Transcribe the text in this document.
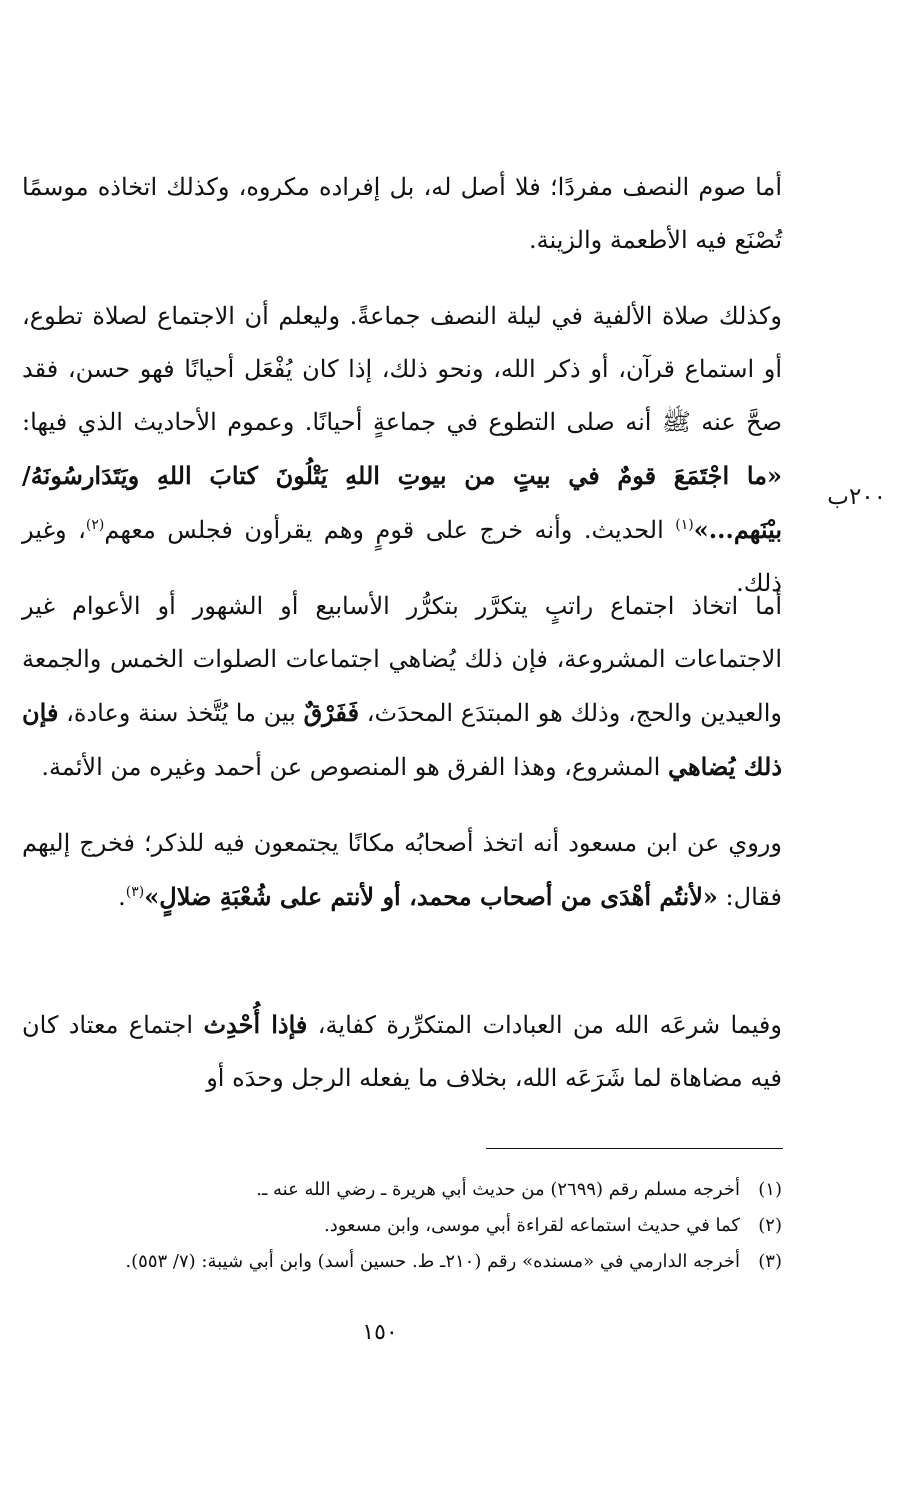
أما صوم النصف مفردًا؛ فلا أصل له، بل إفراده مكروه، وكذلك اتخاذه موسمًا تُصْنَع فيه الأطعمة والزينة.

وكذلك صلاة الألفية في ليلة النصف جماعةً. وليعلم أن الاجتماع لصلاة تطوع، أو استماع قرآن، أو ذكر الله، ونحو ذلك، إذا كان يُفْعَل أحيانًا فهو حسن، فقد صحَّ عنه ﷺ أنه صلى التطوع في جماعةٍ أحيانًا. وعموم الأحاديث الذي فيها: «ما اجْتَمَعَ قومٌ في بيتٍ من بيوتِ اللهِ يَتْلُونَ كتابَ اللهِ ويَتَدَارسُونَهُ/ بيْنَهم...»$^{(١)}$ الحديث. وأنه خرج على قومٍ وهم يقرأون فجلس معهم$^{(٢)}$، وغير ذلك.

٢٠٠ب

أما اتخاذ اجتماع راتبٍ يتكرَّر بتكرُّر الأسابيع أو الشهور أو الأعوام غير الاجتماعات المشروعة، فإن ذلك يُضاهي اجتماعات الصلوات الخمس والجمعة والعيدين والحج، وذلك هو المبتدَع المحدَث، فَفَرْقٌ بين ما يُتَّخذ سنة وعادة، فإن ذلك يُضاهي المشروع، وهذا الفرق هو المنصوص عن أحمد وغيره من الأئمة.

وروي عن ابن مسعود أنه اتخذ أصحابُه مكانًا يجتمعون فيه للذكر؛ فخرج إليهم فقال: «لأنتُم أهْدَى من أصحاب محمد، أو لأنتم على شُعْبَةِ ضلالٍ»$^{(٣)}$.

وفيما شرعَه الله من العبادات المتكرِّرة كفاية، فإذا أُحْدِث اجتماع معتاد كان فيه مضاهاة لما شَرَعَه الله، بخلاف ما يفعله الرجل وحدَه أو

(١)
أخرجه مسلم رقم (٢٦٩٩) من حديث أبي هريرة ـ رضي الله عنه ـ.
(٢)
كما في حديث استماعه لقراءة أبي موسى، وابن مسعود.
(٣)
أخرجه الدارمي في «مسنده» رقم (٢١٠ـ ط. حسين أسد) وابن أبي شيبة: (٧/ ٥٥٣).
١٥٠
